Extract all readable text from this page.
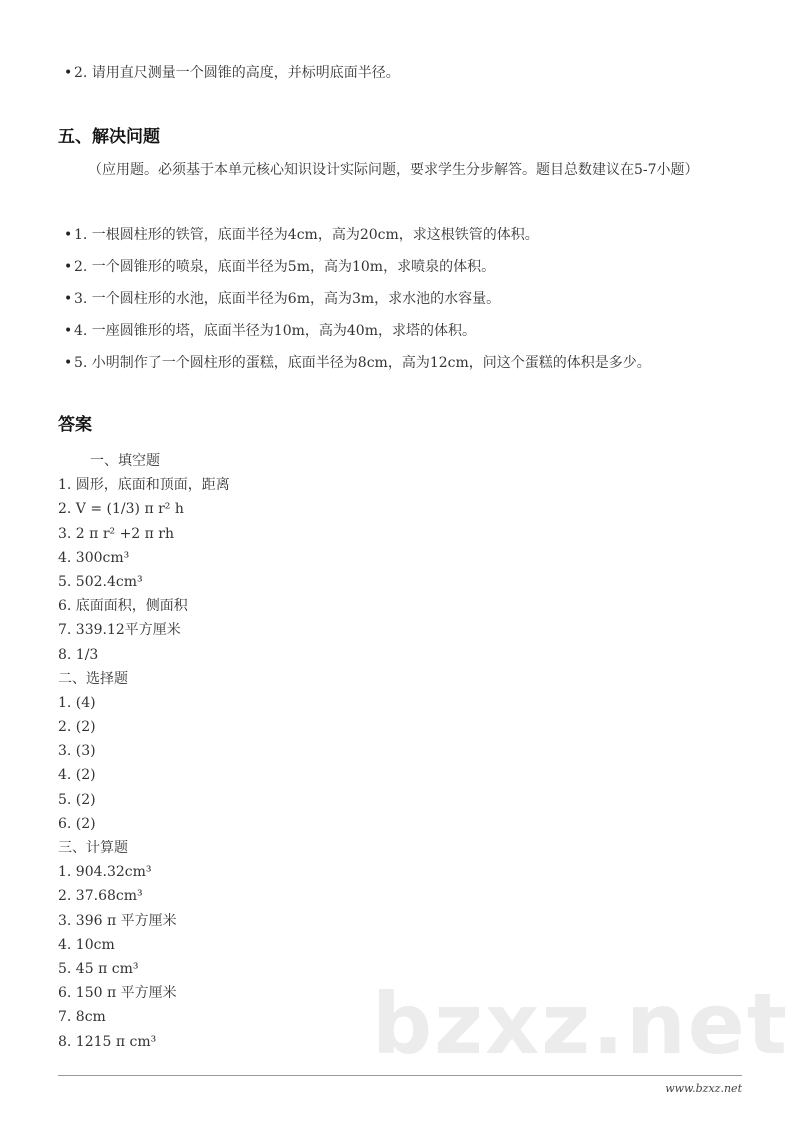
• 2. 请用直尺测量一个圆锥的高度，并标明底面半径。
五、解决问题
（应用题。必须基于本单元核心知识设计实际问题，要求学生分步解答。题目总数建议在5-7小题）
• 1. 一根圆柱形的铁管，底面半径为4cm，高为20cm，求这根铁管的体积。
• 2. 一个圆锥形的喷泉，底面半径为5m，高为10m，求喷泉的体积。
• 3. 一个圆柱形的水池，底面半径为6m，高为3m，求水池的水容量。
• 4. 一座圆锥形的塔，底面半径为10m，高为40m，求塔的体积。
• 5. 小明制作了一个圆柱形的蛋糕，底面半径为8cm，高为12cm，问这个蛋糕的体积是多少。
答案
一、填空题
1. 圆形，底面和顶面，距离
2. V = (1/3) π r² h
3. 2 π r² +2 π rh
4. 300cm³
5. 502.4cm³
6. 底面面积，侧面积
7. 339.12平方厘米
8. 1/3
二、选择题
1. (4)
2. (2)
3. (3)
4. (2)
5. (2)
6. (2)
三、计算题
1. 904.32cm³
2. 37.68cm³
3. 396 π 平方厘米
4. 10cm
5. 45 π cm³
6. 150 π 平方厘米
7. 8cm
8. 1215 π cm³	bzxz.net
www.bzxz.net
